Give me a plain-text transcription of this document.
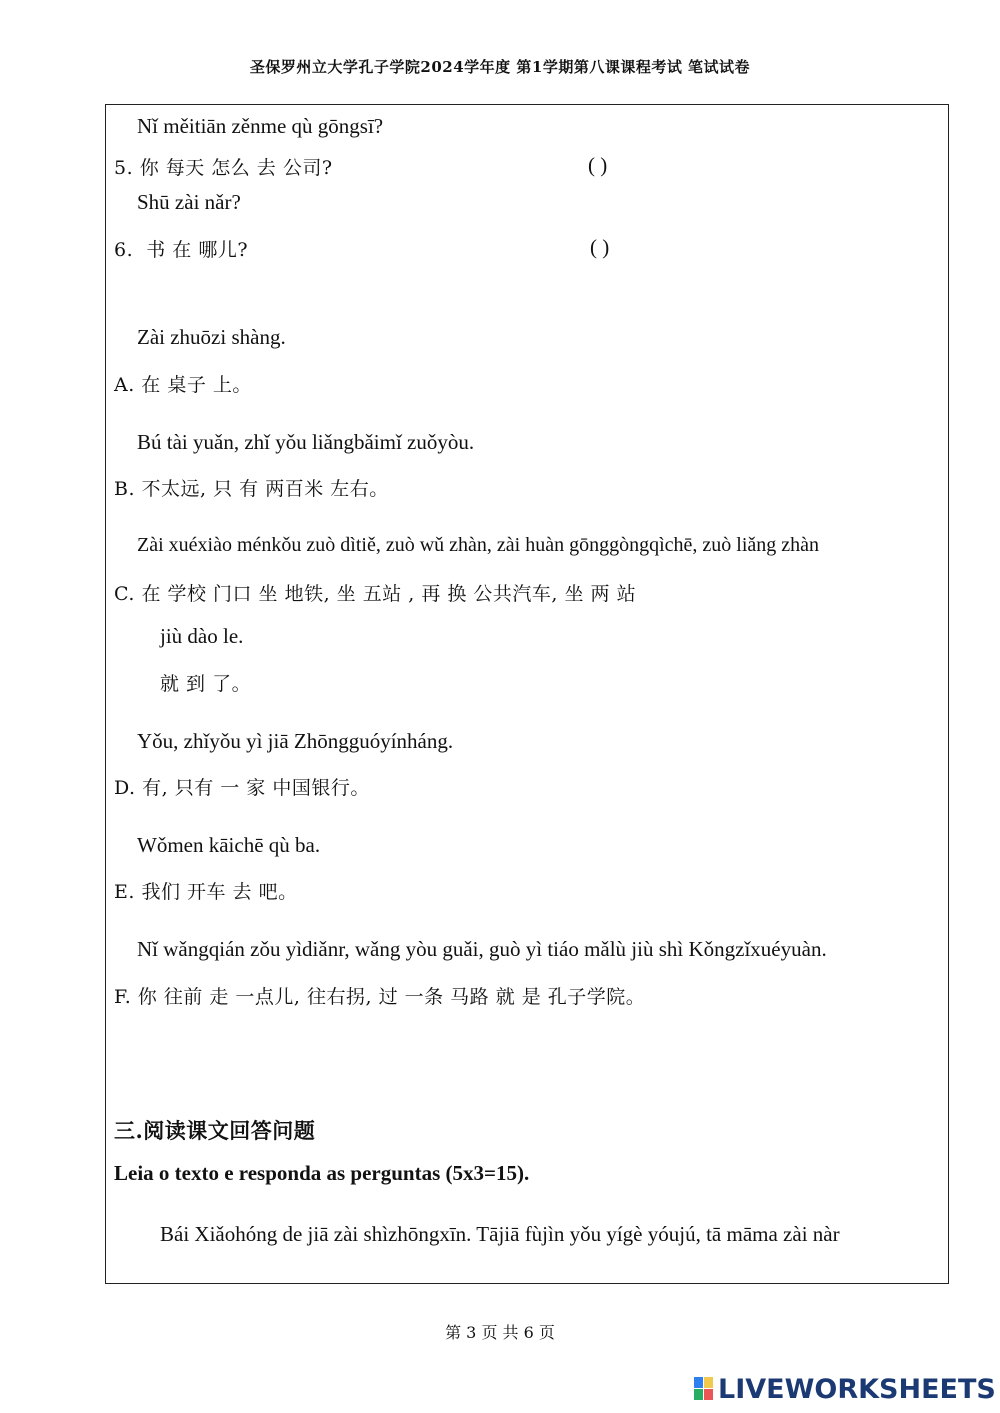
圣保罗州立大学孔子学院2024学年度 第1学期第八课课程考试 笔试试卷
Nǐ měitiān zěnme qù gōngsī?
5. 你 每天 怎么 去 公司?	( )
Shū zài nǎr?
6. 书 在 哪儿?	( )
Zài zhuōzi shàng.
A. 在 桌子 上。
Bú tài yuǎn, zhǐ yǒu liǎngbǎimǐ zuǒyòu.
B. 不太远, 只 有 两百米 左右。
Zài xuéxiào ménkǒu zuò dìtiě, zuò wǔ zhàn, zài huàn gōnggòngqìchē, zuò liǎng zhàn
C. 在 学校 门口 坐 地铁, 坐 五站 , 再 换 公共汽车, 坐 两 站
jiù dào le.
就 到 了。
Yǒu, zhǐyǒu yì jiā Zhōngguóyínháng.
D. 有, 只有 一 家 中国银行。
Wǒmen kāichē qù ba.
E. 我们 开车 去 吧。
Nǐ wǎngqián zǒu yìdiǎnr, wǎng yòu guǎi, guò yì tiáo mǎlù jiù shì Kǒngzǐxuéyuàn.
F. 你 往前 走 一点儿, 往右拐, 过 一条 马路 就 是 孔子学院。
三.阅读课文回答问题
Leia o texto e responda as perguntas (5x3=15).
Bái Xiǎohóng de jiā zài shìzhōngxīn. Tājiā fùjìn yǒu yígè yóujú, tā māma zài nàr
第 3 页 共 6 页
LIVEWORKSHEETS
